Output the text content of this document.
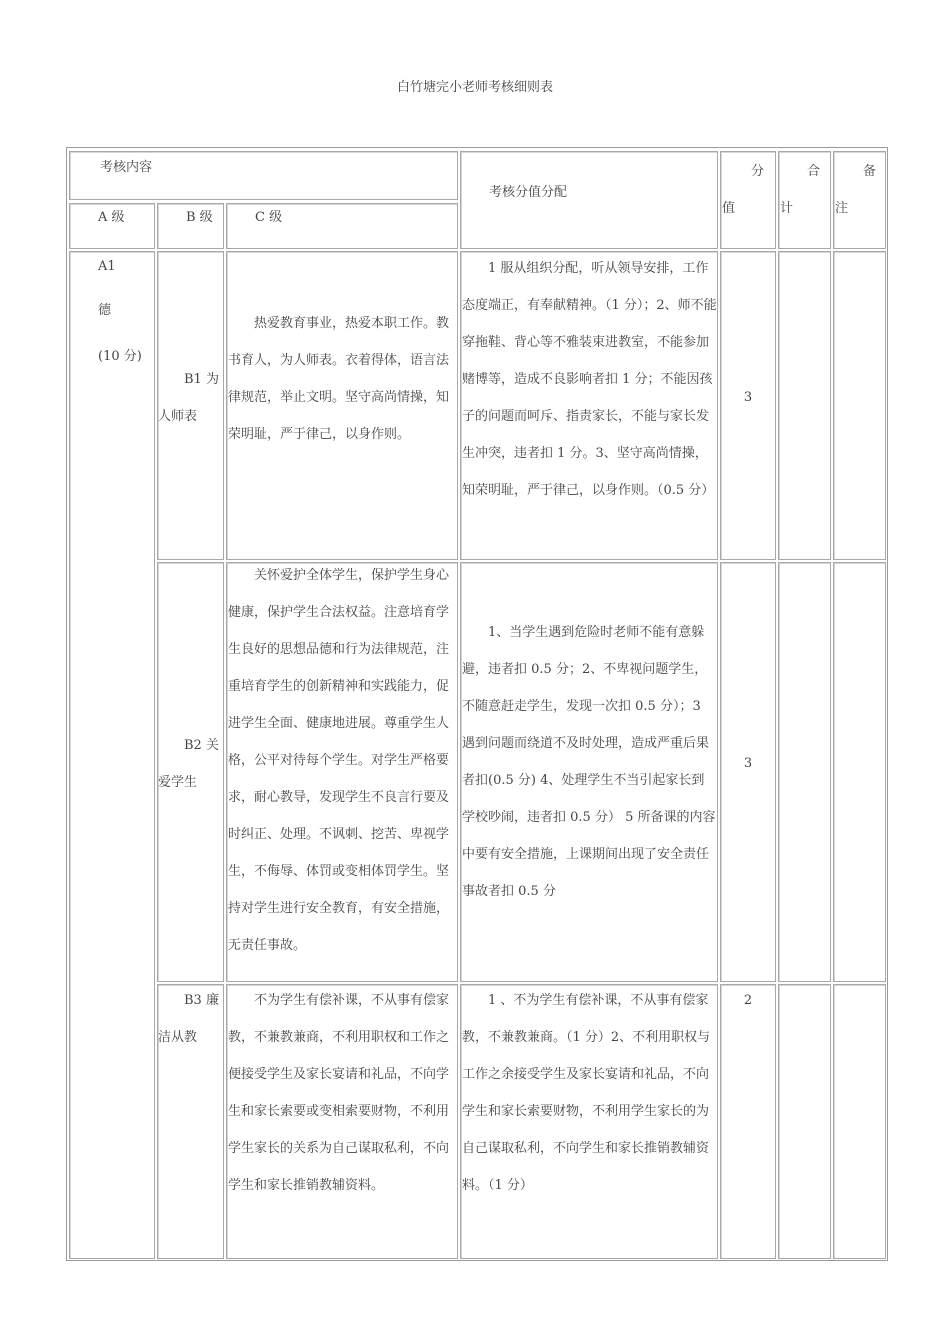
白竹塘完小老师考核细则表
考核内容
A 级	B 级	C 级
考核分值分配
分
值
合
计
备
注
A1
德
(10 分)
B1 为人师表
热爱教育事业，热爱本职工作。教书育人，为人师表。衣着得体，语言法律规范，举止文明。坚守高尚情操，知荣明耻，严于律己，以身作则。
1 服从组织分配，听从领导安排，工作态度端正，有奉献精神。（1 分）；2、师不能穿拖鞋、背心等不雅装束进教室，不能参加赌博等，造成不良影响者扣 1 分；不能因孩子的问题而呵斥、指责家长，不能与家长发生冲突，违者扣 1 分。3、坚守高尚情操，知荣明耻，严于律己，以身作则。（0.5 分）
3
B2 关爱学生
关怀爱护全体学生，保护学生身心健康，保护学生合法权益。注意培育学生良好的思想品德和行为法律规范，注重培育学生的创新精神和实践能力，促进学生全面、健康地进展。尊重学生人格，公平对待每个学生。对学生严格要求，耐心教导，发现学生不良言行要及时纠正、处理。不讽刺、挖苦、卑视学生，不侮辱、体罚或变相体罚学生。坚持对学生进行安全教育，有安全措施，无责任事故。
1、当学生遇到危险时老师不能有意躲避，违者扣 0.5 分；2、不卑视问题学生，不随意赶走学生，发现一次扣 0.5 分）；3 遇到问题而绕道不及时处理，造成严重后果者扣(0.5 分) 4、处理学生不当引起家长到学校吵闹，违者扣 0.5 分） 5 所备课的内容中要有安全措施，上课期间出现了安全责任事故者扣 0.5 分
3
B3 廉洁从教
不为学生有偿补课，不从事有偿家教，不兼教兼商，不利用职权和工作之便接受学生及家长宴请和礼品，不向学生和家长索要或变相索要财物，不利用学生家长的关系为自己谋取私利，不向学生和家长推销教辅资料。
1 、不为学生有偿补课，不从事有偿家教，不兼教兼商。（1 分）2、不利用职权与工作之余接受学生及家长宴请和礼品，不向学生和家长索要财物，不利用学生家长的为自己谋取私利，不向学生和家长推销教辅资料。（1 分）
2
